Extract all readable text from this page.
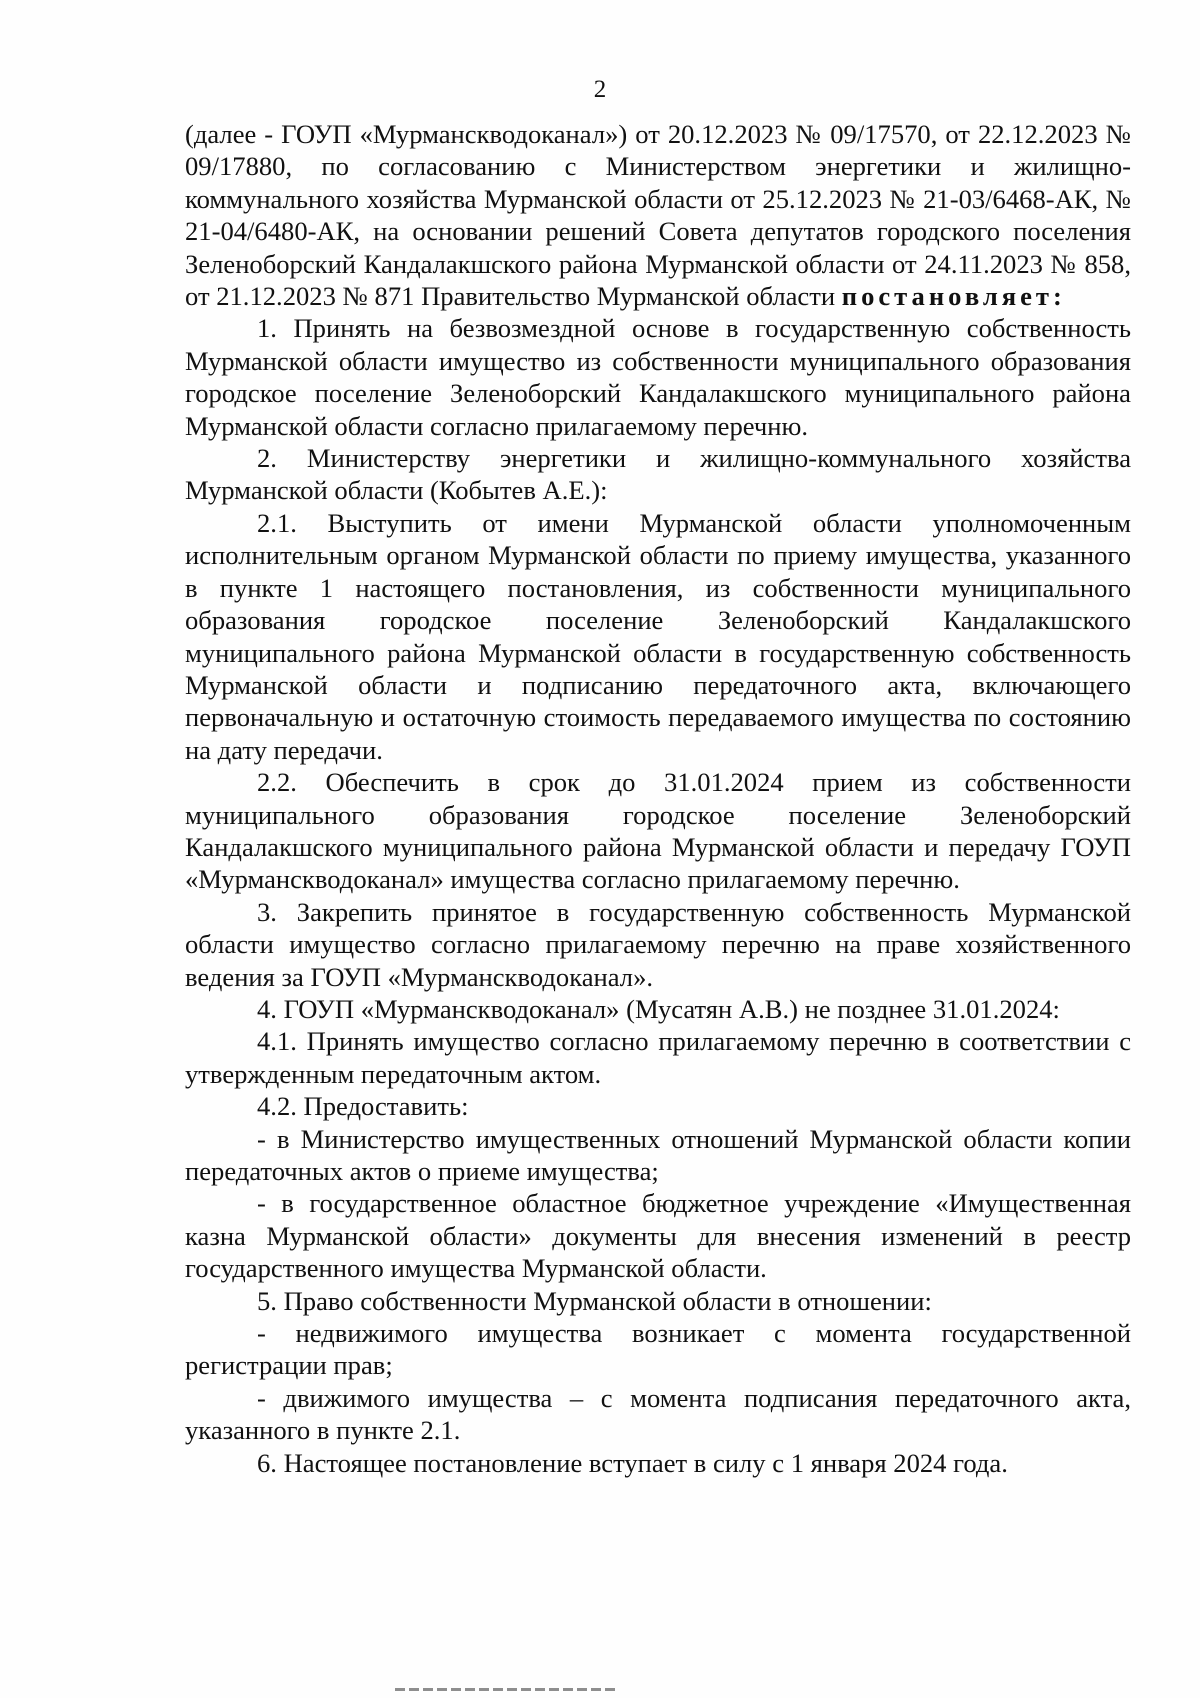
2

(далее - ГОУП «Мурманскводоканал») от 20.12.2023 № 09/17570, от 22.12.2023 № 09/17880, по согласованию с Министерством энергетики и жилищно-коммунального хозяйства Мурманской области от 25.12.2023 № 21-03/6468-АК, № 21-04/6480-АК, на основании решений Совета депутатов городского поселения Зеленоборский Кандалакшского района Мурманской области от 24.11.2023 № 858, от 21.12.2023 № 871 Правительство Мурманской области постановляет:

1. Принять на безвозмездной основе в государственную собственность Мурманской области имущество из собственности муниципального образования городское поселение Зеленоборский Кандалакшского муниципального района Мурманской области согласно прилагаемому перечню.

2. Министерству энергетики и жилищно-коммунального хозяйства Мурманской области (Кобытев А.Е.):

2.1. Выступить от имени Мурманской области уполномоченным исполнительным органом Мурманской области по приему имущества, указанного в пункте 1 настоящего постановления, из собственности муниципального образования городское поселение Зеленоборский Кандалакшского муниципального района Мурманской области в государственную собственность Мурманской области и подписанию передаточного акта, включающего первоначальную и остаточную стоимость передаваемого имущества по состоянию на дату передачи.

2.2. Обеспечить в срок до 31.01.2024 прием из собственности муниципального образования городское поселение Зеленоборский Кандалакшского муниципального района Мурманской области и передачу ГОУП «Мурманскводоканал» имущества согласно прилагаемому перечню.

3. Закрепить принятое в государственную собственность Мурманской области имущество согласно прилагаемому перечню на праве хозяйственного ведения за ГОУП «Мурманскводоканал».

4. ГОУП «Мурманскводоканал» (Мусатян А.В.) не позднее 31.01.2024:

4.1. Принять имущество согласно прилагаемому перечню в соответствии с утвержденным передаточным актом.

4.2. Предоставить:

- в Министерство имущественных отношений Мурманской области копии передаточных актов о приеме имущества;

- в государственное областное бюджетное учреждение «Имущественная казна Мурманской области» документы для внесения изменений в реестр государственного имущества Мурманской области.

5. Право собственности Мурманской области в отношении:

- недвижимого имущества возникает с момента государственной регистрации прав;

- движимого имущества – с момента подписания передаточного акта, указанного в пункте 2.1.

6. Настоящее постановление вступает в силу с 1 января 2024 года.
